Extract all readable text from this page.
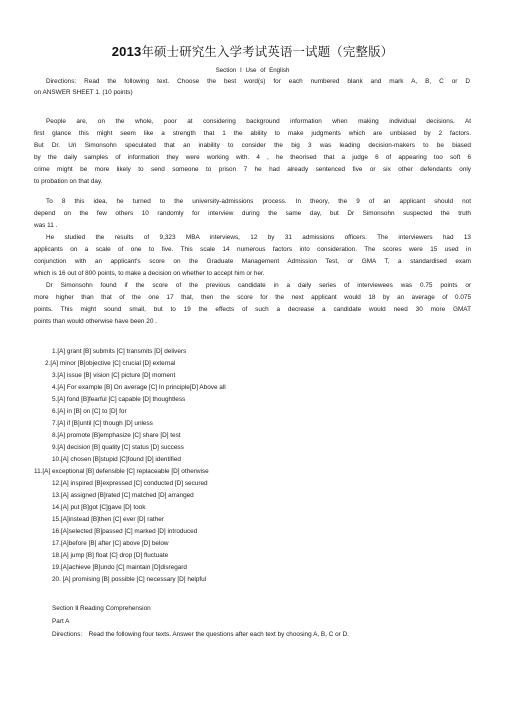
2013年硕士研究生入学考试英语一试题（完整版）
Section Ⅰ Use of English
Directions: Read the following text. Choose the best word(s) for each numbered blank and mark A, B, C or D
on ANSWER SHEET 1. (10 points)
People are, on the whole, poor at considering background information when making individual decisions. At
first glance this might seem like a strength that 1 the ability to make judgments which are unbiased by 2 factors.
But Dr. Uri Simonsohn speculated that an inability to consider the big 3 was leading decision-makers to be biased
by the daily samples of information they were working with. 4 , he theorised that a judge 6 of appearing too soft 6
crime might be more likely to send someone to prison 7 he had already sentenced five or six other defendants only
to probation on that day.
To 8 this idea, he turned to the university-admissions process. In theory, the 9 of an applicant should not
depend on the few others 10 randomly for interview during the same day, but Dr Simonsohn suspected the truth
was 11 .
He studied the results of 9,323 MBA interviews, 12 by 31 admissions officers. The interviewers had 13
applicants on a scale of one to five. This scale 14 numerous factors into consideration. The scores were 15 used in
conjunction with an applicant's score on the Graduate Management Admission Test, or GMA T, a standardised exam
which is 16 out of 800 points, to make a decision on whether to accept him or her.
Dr Simonsohn found if the score of the previous candidate in a daily series of interviewees was 0.75 points or
more higher than that of the one 17 that, then the score for the next applicant would 18 by an average of 0.075
points. This might sound small, but to 19 the effects of such a decrease a candidate would need 30 more GMAT
points than would otherwise have been 20 .
1.[A] grant [B] submits [C] transmits [D] delivers
2.[A] minor [B]objective [C] crucial [D] external
3.[A] issue [B] vision [C] picture [D] moment
4.[A] For example [B] On average [C] In principle[D] Above all
5.[A] fond [B]fearful [C] capable [D] thoughtless
6.[A] in [B] on [C] to [D] for
7.[A] if [B]until [C] though [D] unless
8.[A] promote [B]emphasize [C] share [D] test
9.[A] decision [B] quality [C] status [D] success
10.[A] chosen [B]stupid [C]found [D] identified
11.[A] exceptional [B] defensible [C] replaceable [D] otherwise
12.[A] inspired [B]expressed [C] conducted [D] secured
13.[A] assigned [B]rated [C] matched [D] arranged
14.[A] put [B]got [C]gave [D] took
15.[A]instead [B]then [C] ever [D] rather
16.[A]selected [B]passed [C] marked [D] introduced
17.[A]before [B] after [C] above [D] below
18.[A] jump [B] float [C] drop [D] fluctuate
19.[A]achieve [B]undo [C] maintain [D]disregard
20. [A] promising [B] possible [C] necessary [D] helpful
Section Ⅱ Reading Comprehension
Part A
Directions： Read the following four texts. Answer the questions after each text by choosing A, B, C or D.
